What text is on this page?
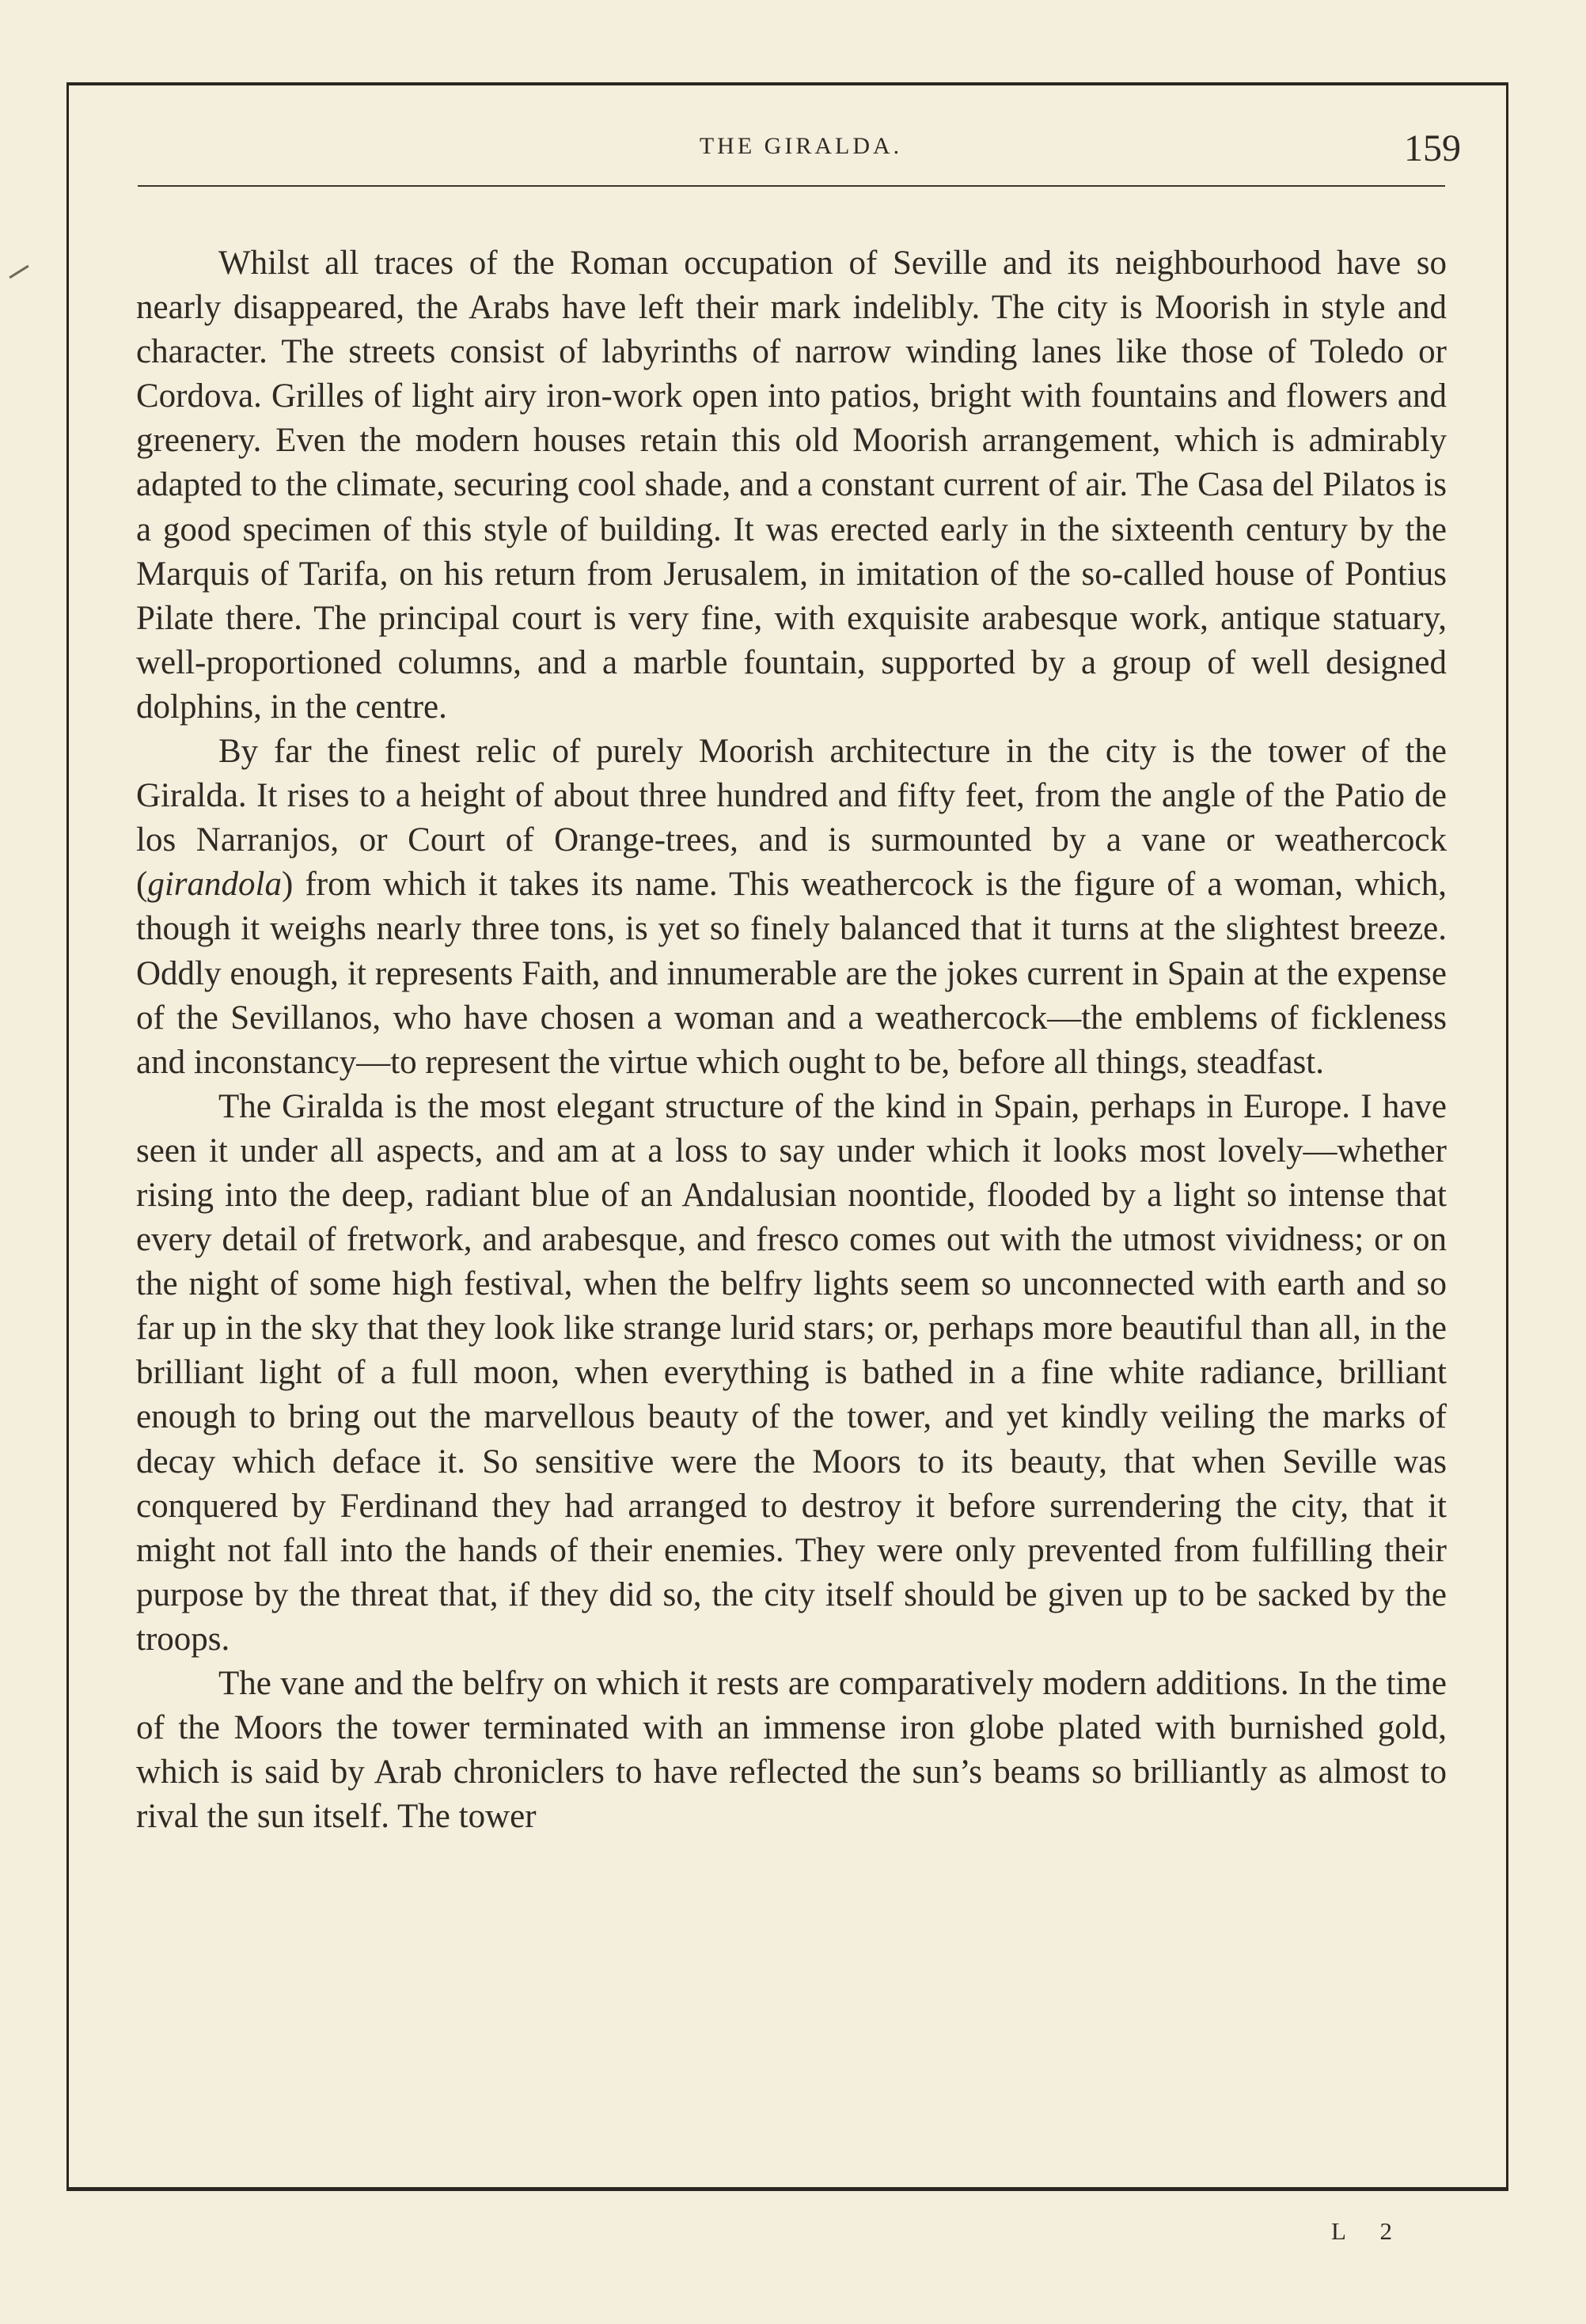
THE GIRALDA.	159

Whilst all traces of the Roman occupation of Seville and its neighbourhood have so nearly disappeared, the Arabs have left their mark indelibly. The city is Moorish in style and character. The streets consist of labyrinths of narrow winding lanes like those of Toledo or Cordova. Grilles of light airy iron-work open into patios, bright with fountains and flowers and greenery. Even the modern houses retain this old Moorish arrangement, which is admirably adapted to the climate, securing cool shade, and a constant current of air. The Casa del Pilatos is a good specimen of this style of building. It was erected early in the sixteenth century by the Marquis of Tarifa, on his return from Jerusalem, in imitation of the so-called house of Pontius Pilate there. The principal court is very fine, with exquisite arabesque work, antique statuary, well-proportioned columns, and a marble fountain, supported by a group of well designed dolphins, in the centre.

By far the finest relic of purely Moorish architecture in the city is the tower of the Giralda. It rises to a height of about three hundred and fifty feet, from the angle of the Patio de los Narranjos, or Court of Orange-trees, and is surmounted by a vane or weathercock (girandola) from which it takes its name. This weathercock is the figure of a woman, which, though it weighs nearly three tons, is yet so finely balanced that it turns at the slightest breeze. Oddly enough, it represents Faith, and innumerable are the jokes current in Spain at the expense of the Sevillanos, who have chosen a woman and a weathercock—the emblems of fickleness and inconstancy—to represent the virtue which ought to be, before all things, steadfast.

The Giralda is the most elegant structure of the kind in Spain, perhaps in Europe. I have seen it under all aspects, and am at a loss to say under which it looks most lovely—whether rising into the deep, radiant blue of an Andalusian noontide, flooded by a light so intense that every detail of fretwork, and arabesque, and fresco comes out with the utmost vividness; or on the night of some high festival, when the belfry lights seem so unconnected with earth and so far up in the sky that they look like strange lurid stars; or, perhaps more beautiful than all, in the brilliant light of a full moon, when everything is bathed in a fine white radiance, brilliant enough to bring out the marvellous beauty of the tower, and yet kindly veiling the marks of decay which deface it. So sensitive were the Moors to its beauty, that when Seville was conquered by Ferdinand they had arranged to destroy it before surrendering the city, that it might not fall into the hands of their enemies. They were only prevented from fulfilling their purpose by the threat that, if they did so, the city itself should be given up to be sacked by the troops.

The vane and the belfry on which it rests are comparatively modern additions. In the time of the Moors the tower terminated with an immense iron globe plated with burnished gold, which is said by Arab chroniclers to have reflected the sun’s beams so brilliantly as almost to rival the sun itself. The tower

L 2
